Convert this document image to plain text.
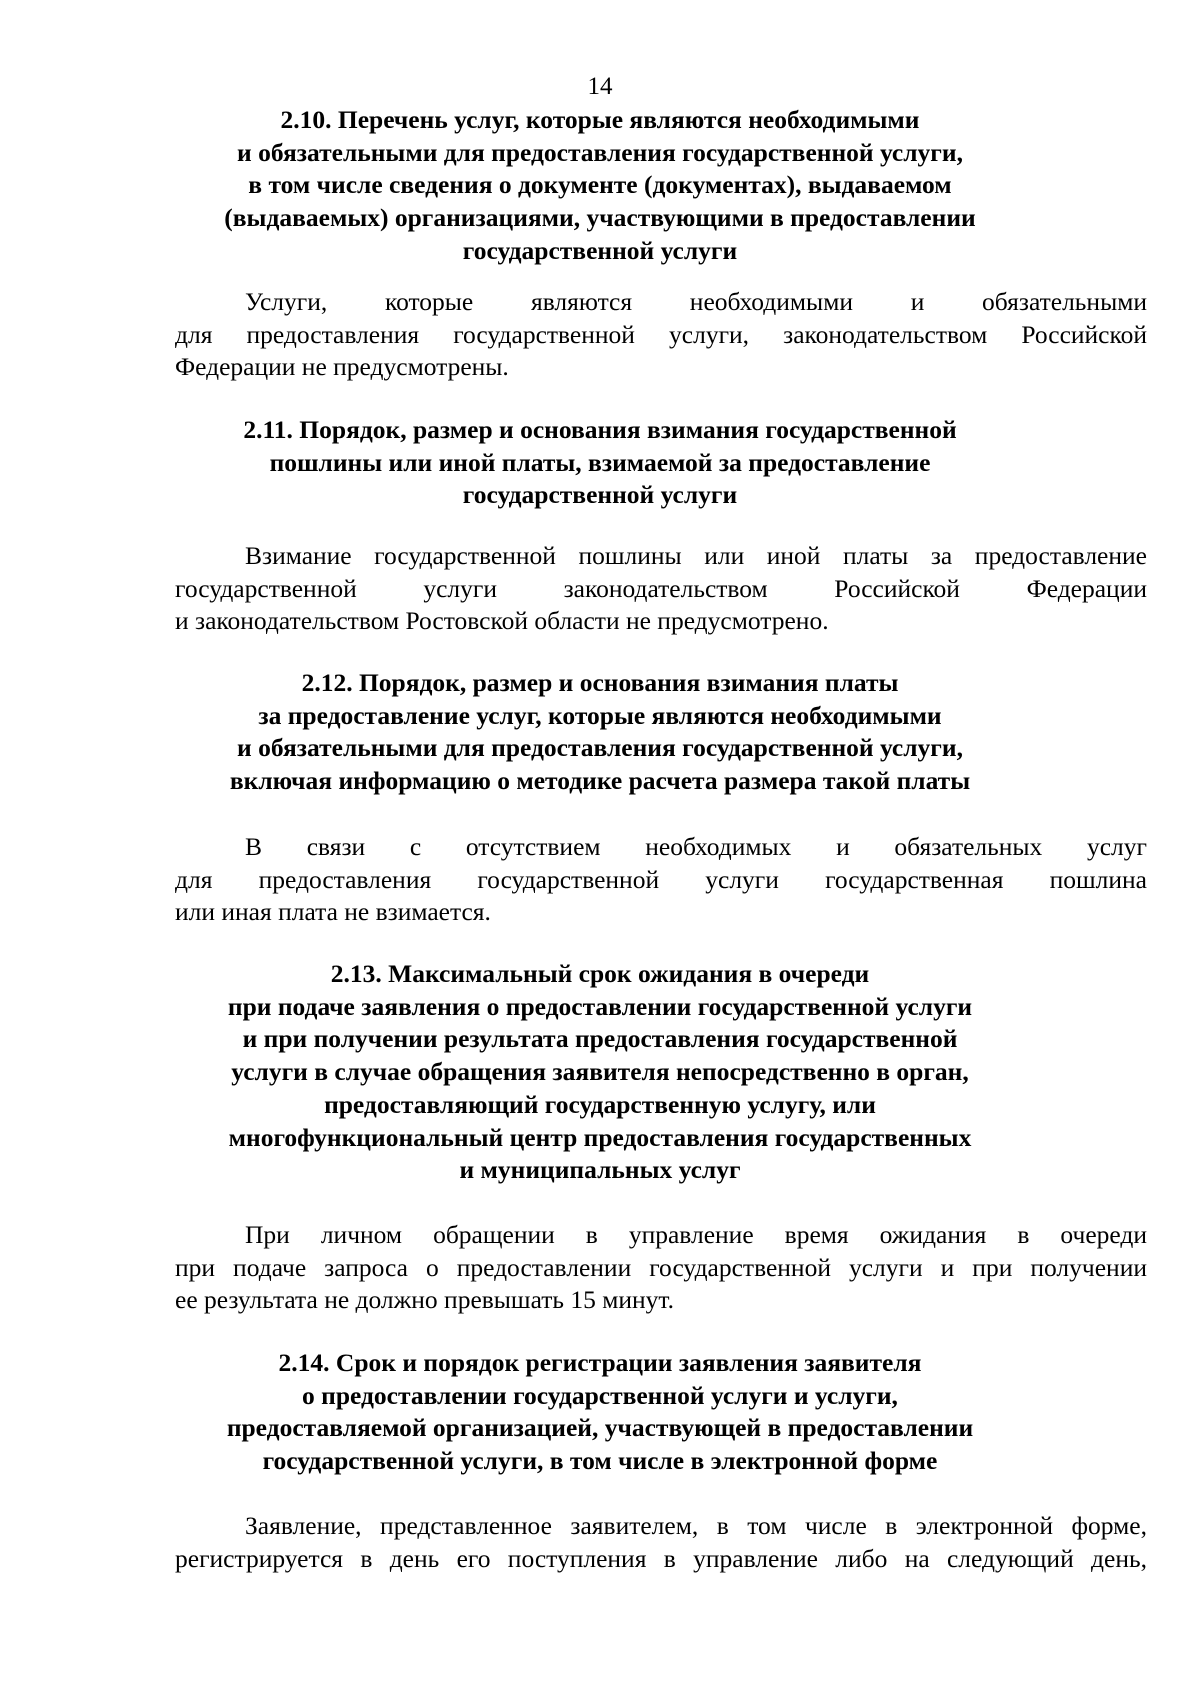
14

2.10. Перечень услуг, которые являются необходимыми
и обязательными для предоставления государственной услуги,
в том числе сведения о документе (документах), выдаваемом
(выдаваемых) организациями, участвующими в предоставлении
государственной услуги
Услуги, которые являются необходимыми и обязательными
для предоставления государственной услуги, законодательством Российской
Федерации не предусмотрены.
2.11. Порядок, размер и основания взимания государственной
пошлины или иной платы, взимаемой за предоставление
государственной услуги
Взимание государственной пошлины или иной платы за предоставление
государственной услуги законодательством Российской Федерации
и законодательством Ростовской области не предусмотрено.
2.12. Порядок, размер и основания взимания платы
за предоставление услуг, которые являются необходимыми
и обязательными для предоставления государственной услуги,
включая информацию о методике расчета размера такой платы
В связи с отсутствием необходимых и обязательных услуг
для предоставления государственной услуги государственная пошлина
или иная плата не взимается.
2.13. Максимальный срок ожидания в очереди
при подаче заявления о предоставлении государственной услуги
и при получении результата предоставления государственной
услуги в случае обращения заявителя непосредственно в орган,
предоставляющий государственную услугу, или
многофункциональный центр предоставления государственных
и муниципальных услуг
При личном обращении в управление время ожидания в очереди
при подаче запроса о предоставлении государственной услуги и при получении
ее результата не должно превышать 15 минут.
2.14. Срок и порядок регистрации заявления заявителя
о предоставлении государственной услуги и услуги,
предоставляемой организацией, участвующей в предоставлении
государственной услуги, в том числе в электронной форме
Заявление, представленное заявителем, в том числе в электронной форме,
регистрируется в день его поступления в управление либо на следующий день,
